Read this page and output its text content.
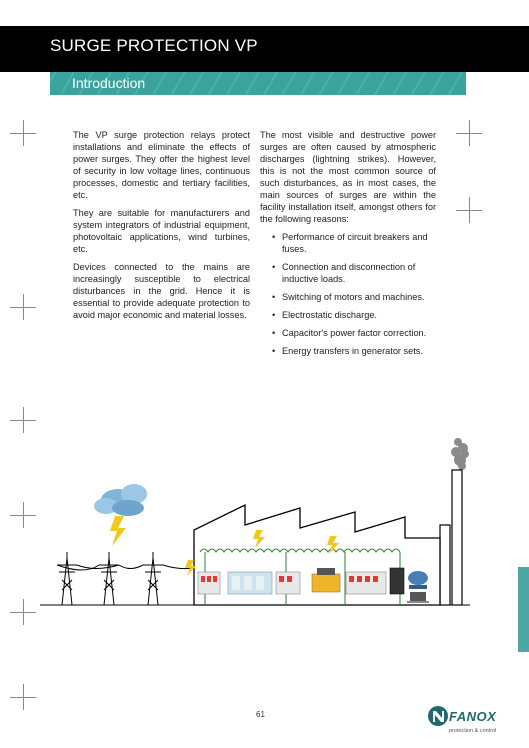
SURGE PROTECTION VP
Introduction

The VP surge protection relays protect installations and eliminate the effects of power surges. They offer the highest level of security in low voltage lines, continuous processes, domestic and tertiary facilities, etc.

They are suitable for manufacturers and system integrators of industrial equipment, photovoltaic applications, wind turbines, etc.

Devices connected to the mains are increasingly susceptible to electrical disturbances in the grid. Hence it is essential to provide adequate protection to avoid major economic and material losses.

The most visible and destructive power surges are often caused by atmospheric discharges (lightning strikes). However, this is not the most common source of such disturbances, as in most cases, the main sources of surges are within the facility installation itself, amongst others for the following reasons:

• Performance of circuit breakers and fuses.
• Connection and disconnection of inductive loads.
• Switching of motors and machines.
• Electrostatic discharge.
• Capacitor's power factor correction.
• Energy transfers in generator sets.
61	FANOX
protection & control
